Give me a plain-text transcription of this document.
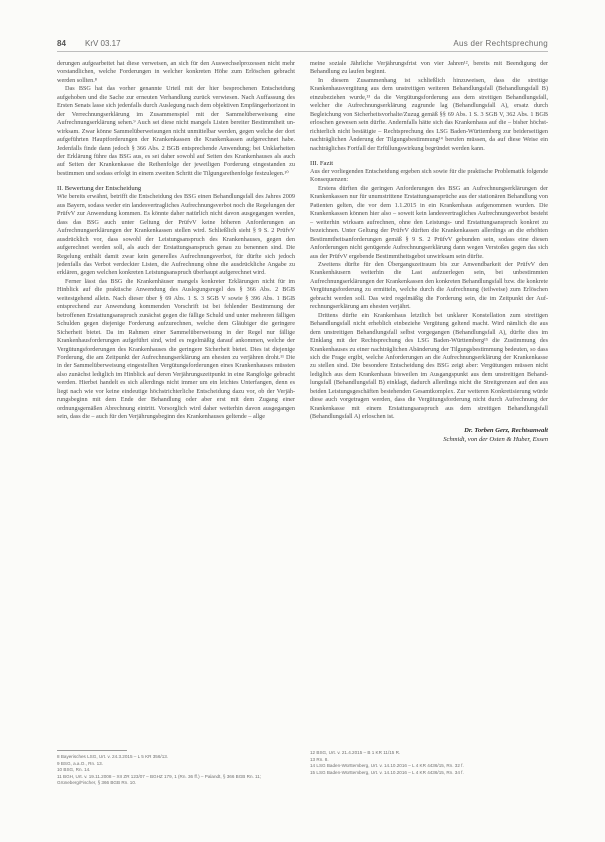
84 KrV 03.17	Aus der Rechtsprechung

derungen aufgearbeitet hat diese verweisen, an sich für den Auswechselprozessen nicht mehr vorstandlichen, welche Forderungen in welcher konkreten Höhe zum Erlöschen gebracht werden sollten.⁸

Das BSG hat das vorher genannte Urteil mit der hier besprochenen Entscheidung aufgehoben und die Sache zur erneuten Verhandlung zurück verwiesen. Nach Auffassung des Ersten Senats lasse sich jedenfalls durch Auslegung nach dem objektiven Empfängerhorizont in der Verrechnungserklärung im Zusammenspiel mit der Sammelüberweisung eine Aufrechnungserklärung sehen.⁹ Auch sei diese nicht mangels Listen bereiter Bestimmtheit unwirksam. Zwar könne Sammelüberweisungen nicht unmittelbar werden, gegen welche der dort aufgeführten Hauptforderungen der Krankenkassen die Krankenkassen aufgerechnet habe. Jedenfalls finde dann jedoch § 366 Abs. 2 BGB entsprechende Anwendung; bei Unklarheiten der Erklärung führe das BSG aus, es sei daher sowohl auf Seiten des Krankenhauses als auch auf Seiten der Krankenkasse die Reihenfolge der jeweiligen Forderung eingestanden zu bestimmen und sodass erfolgt in einem zweiten Schritt die Tilgungsreihenfolge festzulegen.¹⁰

II. Bewertung der Entscheidung

Wie bereits erwähnt, betrifft die Entscheidung des BSG einen Behandlungsfall des Jahres 2009 aus Bayern, sodass weder ein landesvertragliches Aufrechnungsverbot noch die Regelungen der PrüfvV zur Anwendung kommen. Es könnte daher natürlich nicht davon ausgegangen werden, dass das BSG auch unter Geltung der PrüfvV keine höheren Anforderungen an Aufrechnungserklärungen der Krankenkassen stellen wird. Schließlich sieht § 9 S. 2 PrüfvV ausdrücklich vor, dass sowohl der Leistungsanspruch des Krankenhauses, gegen den aufgerechnet werden soll, als auch der Erstattungsanspruch genau zu benennen sind. Die Regelung enthält damit zwar kein generelles Aufrechnungsverbot, für dürfte sich jedoch jedenfalls das Verbot verdeckter Listen, die Aufrechnung ohne die ausdrückliche Angabe zu erklären, gegen welchen konkreten Leistungsanspruch überhaupt aufgerechnet wird.

Ferner lässt das BSG die Krankenhäuser mangels konkreter Erklärungen nicht für im Hinblick auf die praktische Anwendung des Auslegungsregel des § 366 Abs. 2 BGB weitestgehend allein. Nach dieser über § 69 Abs. 1 S. 3 SGB V sowie § 396 Abs. 1 BGB entsprechend zur Anwendung kommenden Vorschrift ist bei fehlender Bestimmung der betroffenen Erstattungsanspruch zunächst gegen die fällige Schuld und unter mehreren fälligen Schulden gegen diejenige Forderung aufzurechnen, welche dem Gläubiger die geringere Sicherheit bietet. Da im Rahmen einer Sammelüberweisung in der Regel nur fällige Krankenhausforderungen aufgeführt sind, wird es regelmäßig darauf ankommen, welche der Vergütungsforderungen des Krankenhauses die geringere Sicherheit bietet. Dies ist diejenige Forderung, die am Zeitpunkt der Aufrechnungserklärung am ehesten zu verjähren droht.¹¹ Die in der Sammelüberweisung eingestellten Vergütungsforderungen eines Krankenhauses müssten also zunächst lediglich im Hinblick auf deren Verjährungszeitpunkt in eine Rangfolge gebracht werden. Hierbei handelt es sich allerdings nicht immer um ein leichtes Unterfangen, denn es liegt nach wie vor keine eindeutige höchstrichterliche Entscheidung dazu vor, ob der Verjährungsbeginn mit dem Ende der Behandlung oder aber erst mit dem Zugang einer ordnungsgemäßen Abrechnung eintritt. Vorsorglich wird daher weiterhin davon ausgegangen sein, dass die – auch für den Verjährungsbeginn des Krankenhauses geltende – allge

meine soziale Jährliche Verjährungsfrist von vier Jahren¹², bereits mit Beendigung der Behandlung zu laufen beginnt.

In diesem Zusammenhang ist schließlich hinzuweisen, dass die streitige Krankenhausvergütung aus dem unstreitigen weiteren Behandlungsfall (Behandlungsfall B) einzubeziehen wurde,¹³ da die Vergütungsforderung aus dem streitigen Behandlungsfall, welcher die Aufrechnungserklärung zugrunde lag (Behandlungsfall A), ersatz durch Begleichung von Sicherheitsvorhalte/Zuzug gemäß §§ 69 Abs. 1 S. 3 SGB V, 362 Abs. 1 BGB erloschen gewesen sein dürfte. Andernfalls hätte sich das Krankenhaus auf die – bisher höchstrichterlich nicht bestätigte – Rechtsprechung des LSG Baden-Württemberg zur beiderseitigen nachträglichen Änderung der Tilgungsbestimmung¹⁴ berufen müssen, da auf diese Weise ein nachträgliches Fortfall der Erfüllungswirkung begründet werden kann.

III. Fazit

Aus der vorliegenden Entscheidung ergeben sich sowie für die praktische Problematik folgende Konsequenzen:

Erstens dürften die geringen Anforderungen des BSG an Aufrechnungserklärungen der Krankenkassen nur für unumstrittene Erstattungsansprüche aus der stationären Behandlung von Patienten gelten, die vor dem 1.1.2015 in ein Krankenhaus aufgenommen wurden. Die Krankenkassen können hier also – soweit kein landesvertragliches Aufrechnungsverbot besteht – weiterhin wirksam aufrechnen, ohne den Leistungs- und Erstattungsanspruch konkret zu bezeichnen. Unter Geltung der PrüfvV dürften die Krankenkassen allerdings an die erhöhten Bestimmtheitsanforderungen gemäß § 9 S. 2 PrüfvV gebunden sein, sodass eine diesen Anforderungen nicht genügende Aufrechnungserklärung dann wegen Verstoßes gegen das sich aus der PrüfvV ergebende Bestimmtheitsgebot unwirksam sein dürfte.

Zweitens dürfte für den Übergangszeitraum bis zur Anwendbarkeit der PrüfvV den Krankenhäusern weiterhin die Last aufzuerlegen sein, bei unbestimmten Aufrechnungserklärungen der Krankenkassen den konkreten Behandlungsfall bzw. die konkrete Vergütungsforderung zu ermitteln, welche durch die Aufrechnung (teilweise) zum Erlöschen gebracht werden soll. Das wird regelmäßig die Forderung sein, die im Zeitpunkt der Aufrechnungserklärung am ehesten verjährt.

Drittens dürfte ein Krankenhaus letztlich bei unklarer Konstellation zum streitigen Behandlungsfall nicht erheblich einbeziehe Vergütung geltend macht. Wird nämlich die aus dem unstreitigen Behandlungsfall selbst vorgegangen (Behandlungsfall A), dürfte dies im Einklang mit der Rechtsprechung des LSG Baden-Württemberg¹⁵ die Zustimmung des Krankenhauses zu einer nachträglichen Abänderung der Tilgungsbestimmung bedeuten, so dass sich die Frage ergibt, welche Anforderungen an die Aufrechnungserklärung der Krankenkasse zu stellen sind. Die besondere Entscheidung des BSG zeigt aber: Vergütungen müssen nicht lediglich aus dem Krankenhaus bisweilen im Ausgangspunkt aus dem unstreitigen Behandlungsfall (Behandlungsfall B) einklagt, dadurch allerdings nicht die Streitgrenzen auf den aus beiden Leistungsgeschäften bestehenden Gesamtkomplex. Zur weiteren Konkretisierung würde diese auch vorgetragen werden, dass die Vergütungsforderung nicht durch Aufrechnung der Krankenkasse mit einem Erstattungsanspruch aus dem streitigen Behandlungsfall (Behandlungsfall A) erloschen ist.

Dr. Torben Gerz, Rechtsanwalt
Schmidt, von der Osten & Huber, Essen

8 Bayerisches LSG, Urt. v. 24.3.2015 – L 5 KR 356/13.

9 BSG, a.a.O., Rn. 13.

10 BSG, Rn. 14.

11 BGH, Urt. v. 19.11.2008 – XII ZR 123/07 – BGHZ 179, 1 (Rn. 36 ff.) – Palandt, § 366 BGB Rn. 11; Grüneberg/Fischer, § 366 BGB Rn. 10.

12 BSG, Urt. v. 21.4.2015 – B 1 KR 11/15 R.

13 Rn. 8.

14 LSG Baden-Württemberg, Urt. v. 14.10.2016 – L 4 KR 4436/15, Rn. 32 f.

15 LSG Baden-Württemberg, Urt. v. 14.10.2016 – L 4 KR 4436/15, Rn. 34 f.
